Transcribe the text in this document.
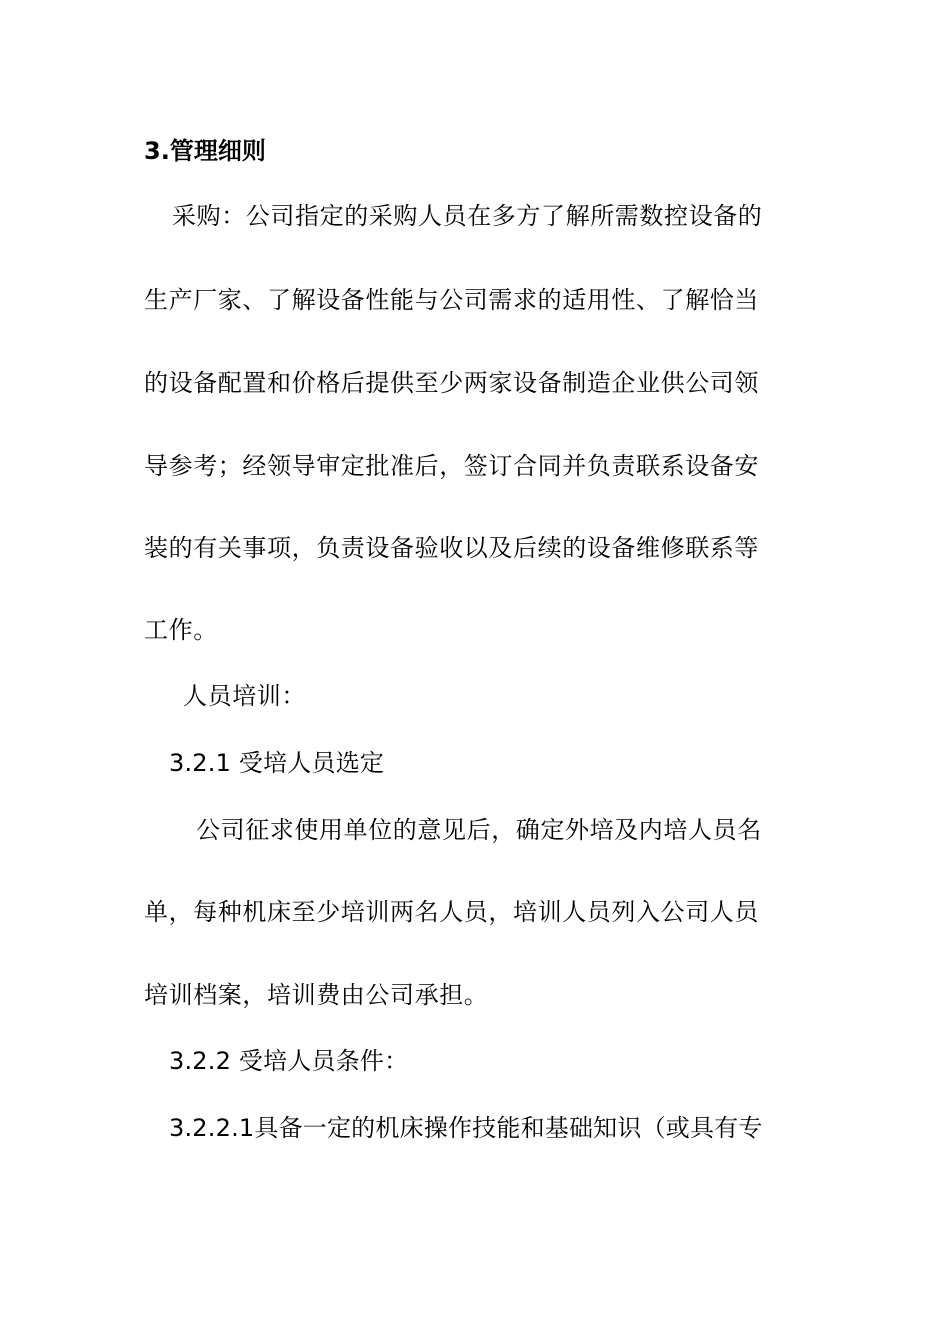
3.管理细则
采购：公司指定的采购人员在多方了解所需数控设备的
生产厂家、了解设备性能与公司需求的适用性、了解恰当
的设备配置和价格后提供至少两家设备制造企业供公司领
导参考；经领导审定批准后，签订合同并负责联系设备安
装的有关事项，负责设备验收以及后续的设备维修联系等
工作。
人员培训：
3.2.1 受培人员选定
公司征求使用单位的意见后，确定外培及内培人员名
单，每种机床至少培训两名人员，培训人员列入公司人员
培训档案，培训费由公司承担。
3.2.2 受培人员条件：
3.2.2.1具备一定的机床操作技能和基础知识（或具有专
